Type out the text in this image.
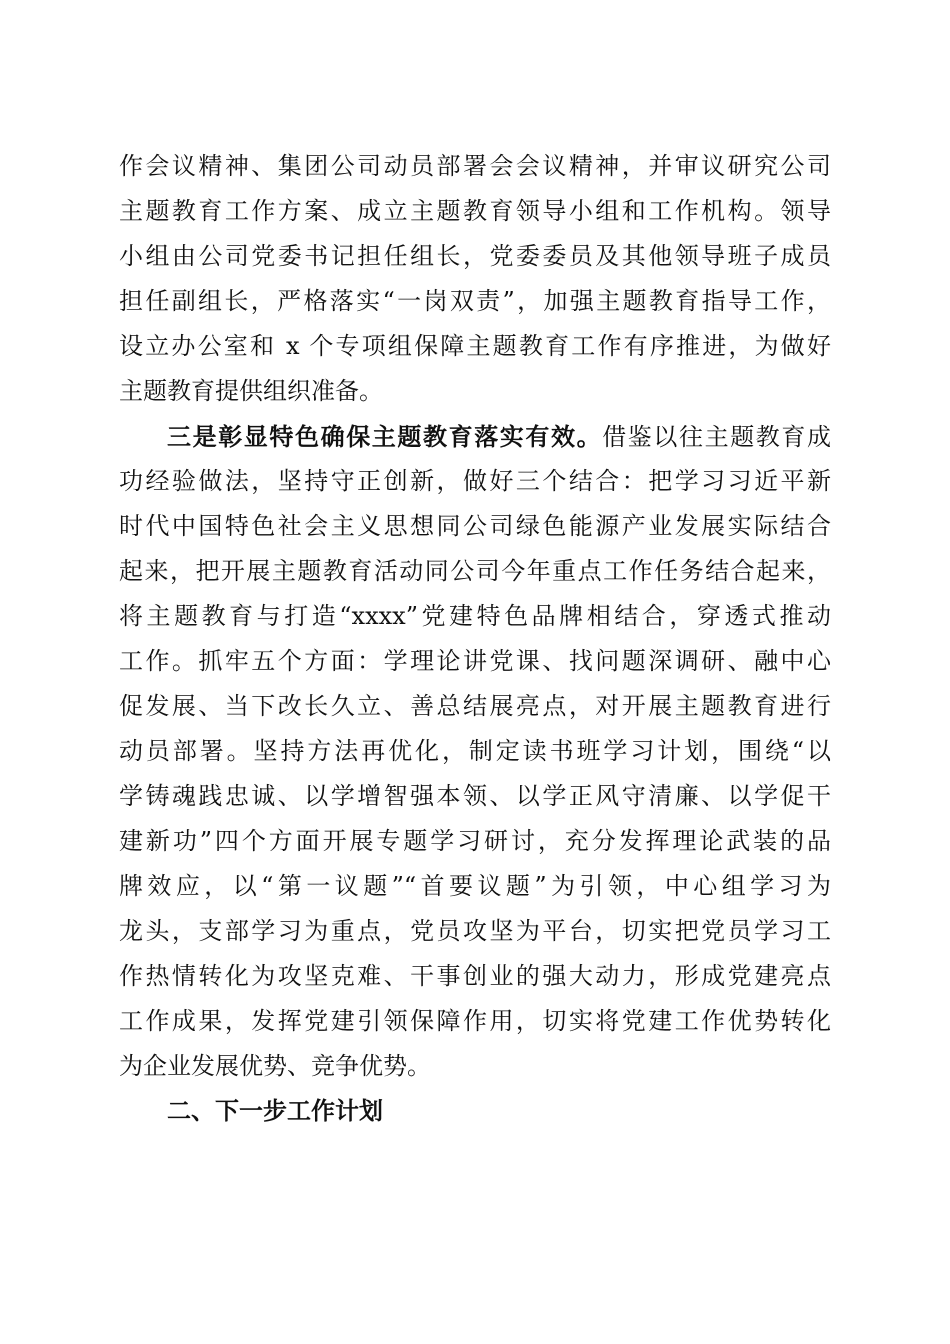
作会议精神、集团公司动员部署会会议精神，并审议研究公司
主题教育工作方案、成立主题教育领导小组和工作机构。领导
小组由公司党委书记担任组长，党委委员及其他领导班子成员
担任副组长，严格落实“一岗双责”，加强主题教育指导工作，
设立办公室和 x 个专项组保障主题教育工作有序推进，为做好
主题教育提供组织准备。
三是彰显特色确保主题教育落实有效。借鉴以往主题教育成
功经验做法，坚持守正创新，做好三个结合：把学习习近平新
时代中国特色社会主义思想同公司绿色能源产业发展实际结合
起来，把开展主题教育活动同公司今年重点工作任务结合起来，
将主题教育与打造“xxxx”党建特色品牌相结合，穿透式推动
工作。抓牢五个方面：学理论讲党课、找问题深调研、融中心
促发展、当下改长久立、善总结展亮点，对开展主题教育进行
动员部署。坚持方法再优化，制定读书班学习计划，围绕“以
学铸魂践忠诚、以学增智强本领、以学正风守清廉、以学促干
建新功”四个方面开展专题学习研讨，充分发挥理论武装的品
牌效应，以“第一议题”“首要议题”为引领，中心组学习为
龙头，支部学习为重点，党员攻坚为平台，切实把党员学习工
作热情转化为攻坚克难、干事创业的强大动力，形成党建亮点
工作成果，发挥党建引领保障作用，切实将党建工作优势转化
为企业发展优势、竞争优势。
二、下一步工作计划
